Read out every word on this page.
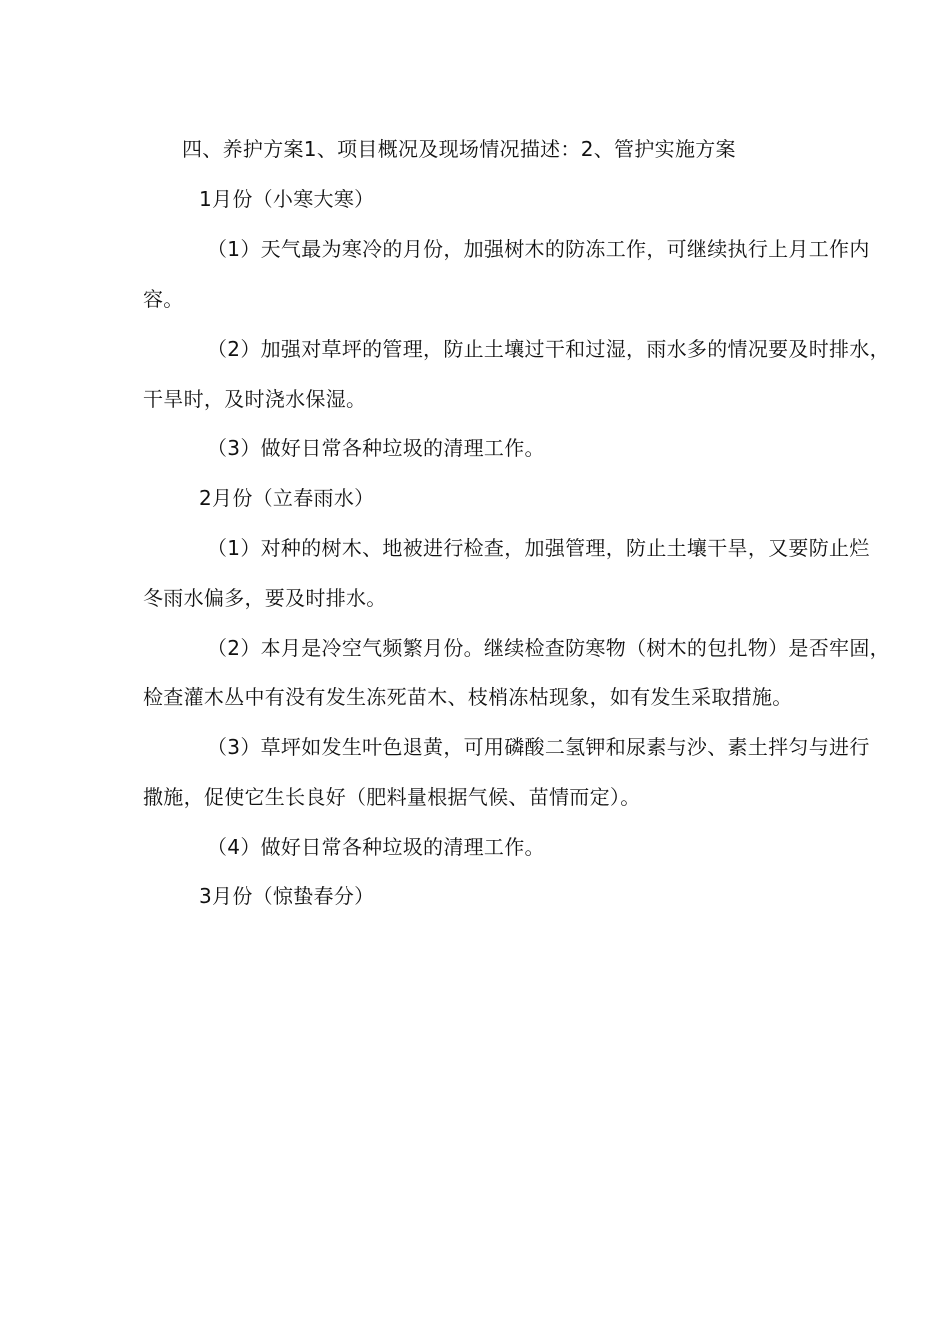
四、养护方案1、项目概况及现场情况描述：2、管护实施方案
1月份（小寒大寒）
（1）天气最为寒冷的月份，加强树木的防冻工作，可继续执行上月工作内
容。
（2）加强对草坪的管理，防止土壤过干和过湿，雨水多的情况要及时排水，
干旱时，及时浇水保湿。
（3）做好日常各种垃圾的清理工作。
2月份（立春雨水）
（1）对种的树木、地被进行检查，加强管理，防止土壤干旱，又要防止烂
冬雨水偏多，要及时排水。
（2）本月是冷空气频繁月份。继续检查防寒物（树木的包扎物）是否牢固，
检查灌木丛中有没有发生冻死苗木、枝梢冻枯现象，如有发生采取措施。
（3）草坪如发生叶色退黄，可用磷酸二氢钾和尿素与沙、素土拌匀与进行
撒施，促使它生长良好（肥料量根据气候、苗情而定）。
（4）做好日常各种垃圾的清理工作。
3月份（惊蛰春分）
